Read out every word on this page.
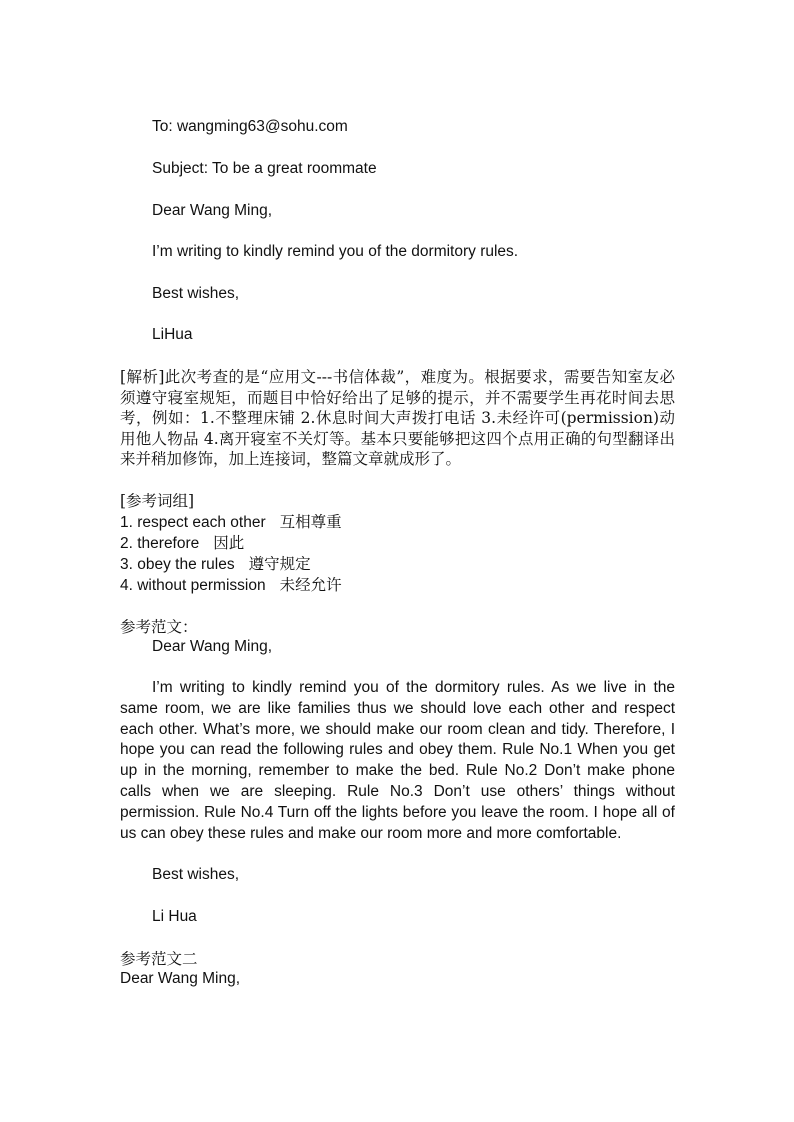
To: wangming63@sohu.com
Subject: To be a great roommate
Dear Wang Ming,
I’m writing to kindly remind you of the dormitory rules.
Best wishes,
LiHua
[解析]此次考查的是“应用文---书信体裁”，难度为。根据要求，需要告知室友必须遵守寝室规矩，而题目中恰好给出了足够的提示，并不需要学生再花时间去思考，例如：1.不整理床铺 2.休息时间大声拨打电话 3.未经许可(permission)动用他人物品 4.离开寝室不关灯等。基本只要能够把这四个点用正确的句型翻译出来并稍加修饰，加上连接词，整篇文章就成形了。
[参考词组]
1. respect each other 互相尊重
2. therefore 因此
3. obey the rules 遵守规定
4. without permission 未经允许
参考范文：
Dear Wang Ming,
I’m writing to kindly remind you of the dormitory rules. As we live in the same room, we are like families thus we should love each other and respect each other. What’s more, we should make our room clean and tidy. Therefore, I hope you can read the following rules and obey them. Rule No.1 When you get up in the morning, remember to make the bed. Rule No.2 Don’t make phone calls when we are sleeping. Rule No.3 Don’t use others’ things without permission. Rule No.4 Turn off the lights before you leave the room. I hope all of us can obey these rules and make our room more and more comfortable.
Best wishes,
Li Hua
参考范文二
Dear Wang Ming,
